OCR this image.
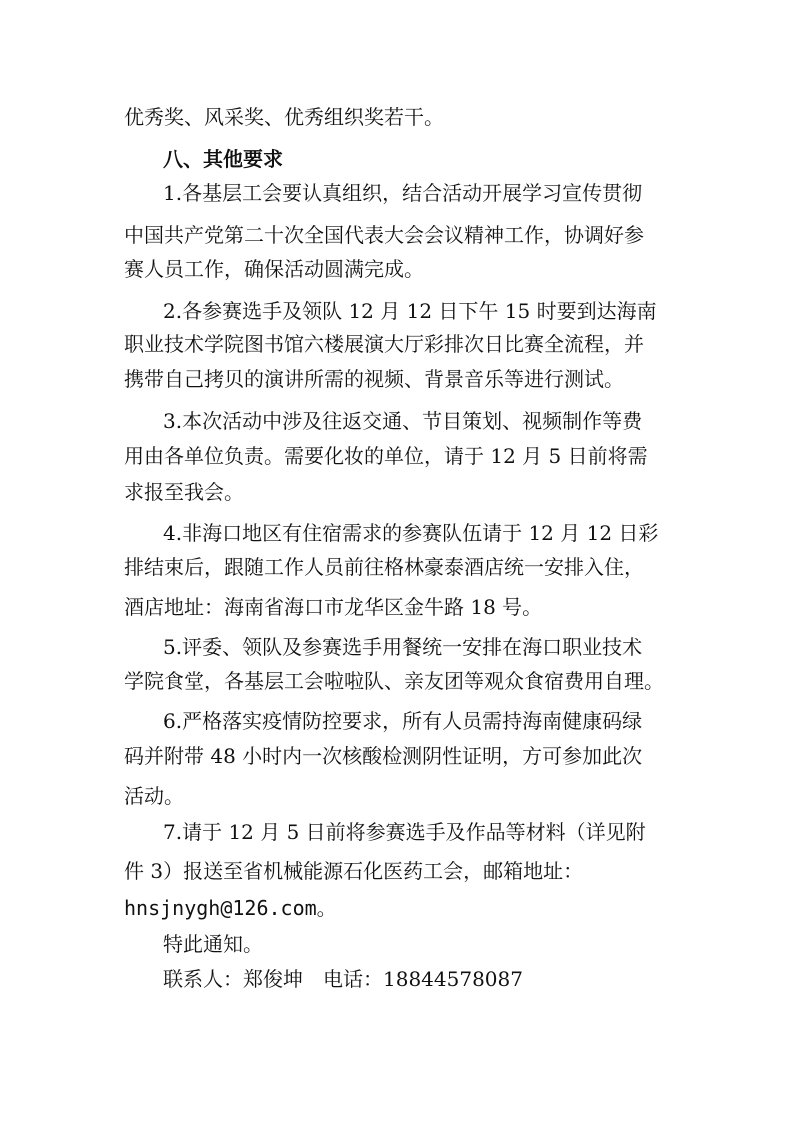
优秀奖、风采奖、优秀组织奖若干。

八、其他要求

1.各基层工会要认真组织，结合活动开展学习宣传贯彻

中国共产党第二十次全国代表大会会议精神工作，协调好参

赛人员工作，确保活动圆满完成。

2.各参赛选手及领队 12 月 12 日下午 15 时要到达海南

职业技术学院图书馆六楼展演大厅彩排次日比赛全流程，并

携带自己拷贝的演讲所需的视频、背景音乐等进行测试。

3.本次活动中涉及往返交通、节目策划、视频制作等费

用由各单位负责。需要化妆的单位，请于 12 月 5 日前将需

求报至我会。

4.非海口地区有住宿需求的参赛队伍请于 12 月 12 日彩

排结束后，跟随工作人员前往格林豪泰酒店统一安排入住，

酒店地址：海南省海口市龙华区金牛路 18 号。

5.评委、领队及参赛选手用餐统一安排在海口职业技术

学院食堂，各基层工会啦啦队、亲友团等观众食宿费用自理。

6.严格落实疫情防控要求，所有人员需持海南健康码绿

码并附带 48 小时内一次核酸检测阴性证明，方可参加此次

活动。

7.请于 12 月 5 日前将参赛选手及作品等材料（详见附

件 3）报送至省机械能源石化医药工会，邮箱地址：

hnsjnygh@126.com。

特此通知。

联系人：郑俊坤　电话：18844578087
